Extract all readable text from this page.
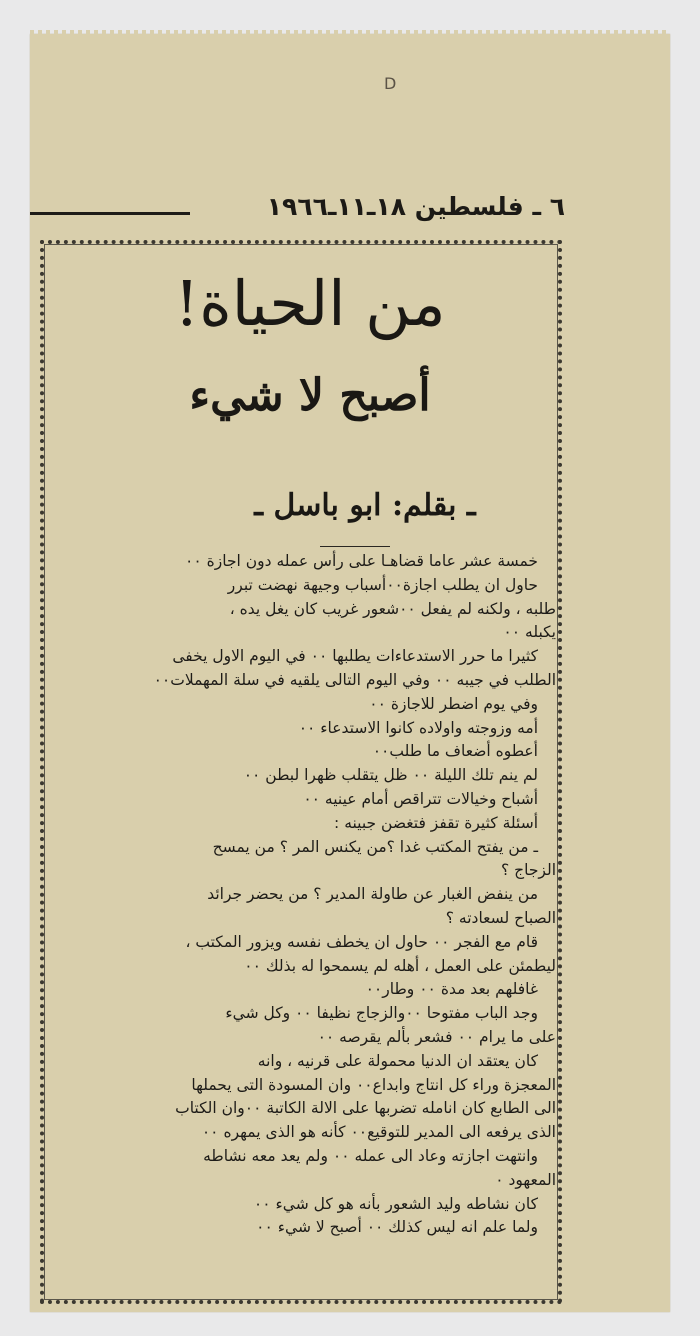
D
٦ ـ فلسطين ١٨ـ١١ـ١٩٦٦
من الحياة!
أصبح لا شيء
ـ بقلم: ابو باسل ـ

خمسة عشر عاما قضاهـا على رأس عمله دون اجازة ٠٠

حاول ان يطلب اجازة٠٠أسباب وجيهة نهضت تبرر

طلبه ، ولكنه لم يفعل ٠٠شعور غريب كان يغل يده ،

يكبله ٠٠

كثيرا ما حرر الاستدعاءات يطلبها ٠٠ في اليوم الاول يخفى

الطلب في جيبه ٠٠ وفي اليوم التالى يلقيه في سلة المهملات٠٠

وفي يوم اضطر للاجازة ٠٠

أمه وزوجته واولاده كانوا الاستدعاء ٠٠

أعطوه أضعاف ما طلب٠٠

لم ينم تلك الليلة ٠٠ ظل يتقلب ظهرا لبطن ٠٠

أشباح وخيالات تتراقص أمام عينيه ٠٠

أسئلة كثيرة تقفز فتغضن جبينه :

ـ من يفتح المكتب غدا ؟من يكنس المر ؟ من يمسح

الزجاج ؟

من ينفض الغبار عن طاولة المدير ؟ من يحضر جرائد

الصباح لسعادته ؟

قام مع الفجر ٠٠ حاول ان يخطف نفسه ويزور المكتب ،

ليطمئن على العمل ، أهله لم يسمحوا له بذلك ٠٠

غافلهم بعد مدة ٠٠ وطار٠٠

وجد الباب مفتوحا ٠٠والزجاج نظيفا ٠٠ وكل شيء

على ما يرام ٠٠ فشعر بألم يقرصه ٠٠

كان يعتقد ان الدنيا محمولة على قرنيه ، وانه

المعجزة وراء كل انتاج وابداع٠٠ وان المسودة التى يحملها

الى الطابع كان انامله تضربها على الالة الكاتبة ٠٠وان الكتاب

الذى يرفعه الى المدير للتوقيع٠٠ كأنه هو الذى يمهره ٠٠

وانتهت اجازته وعاد الى عمله ٠٠ ولم يعد معه نشاطه

المعهود ٠

كان نشاطه وليد الشعور بأنه هو كل شيء ٠٠

ولما علم انه ليس كذلك ٠٠ أصبح لا شيء ٠٠
